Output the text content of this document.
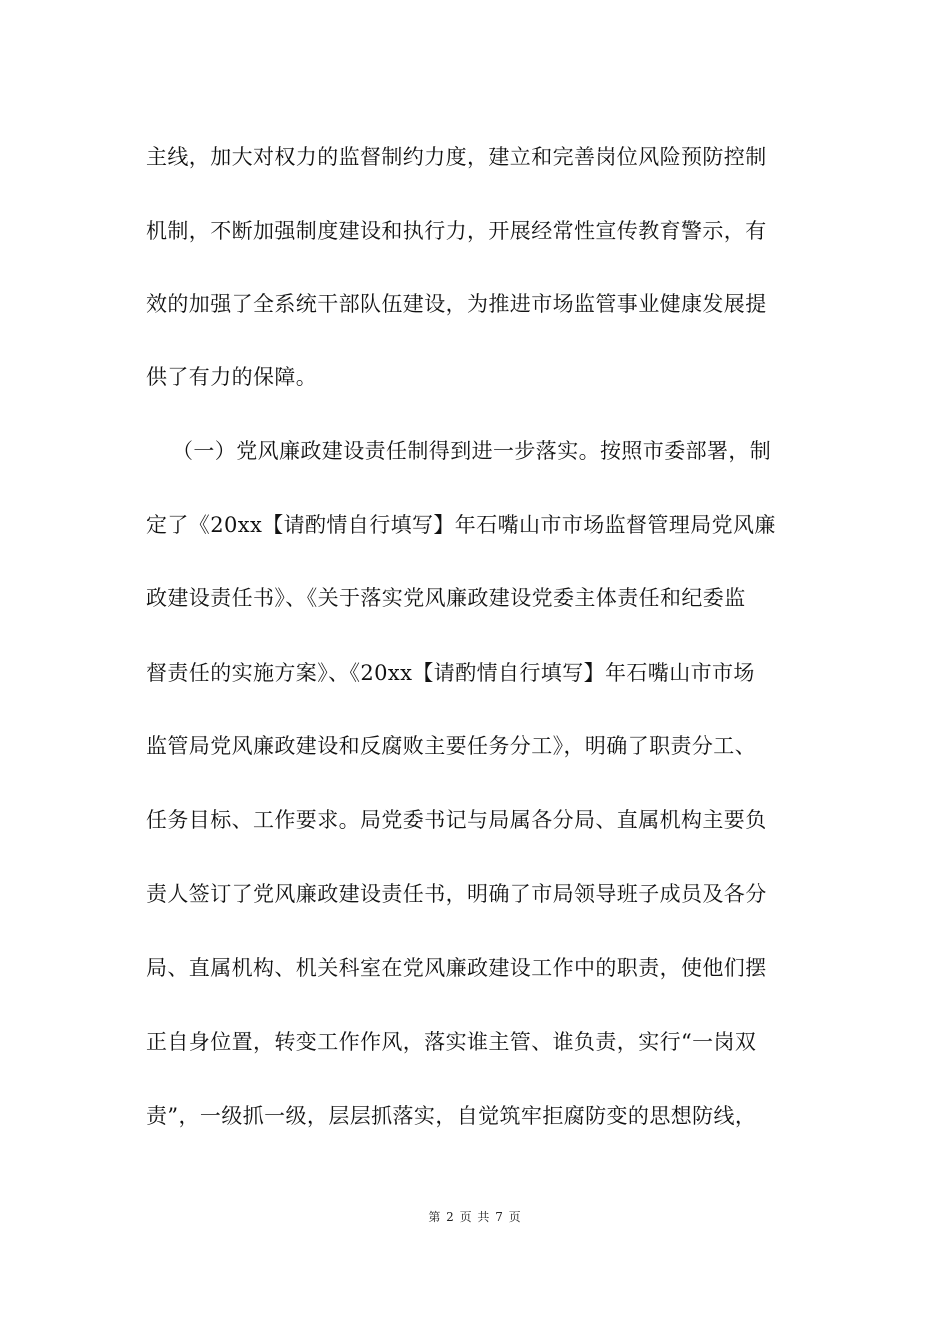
主线，加大对权力的监督制约力度，建立和完善岗位风险预防控制
机制，不断加强制度建设和执行力，开展经常性宣传教育警示，有
效的加强了全系统干部队伍建设，为推进市场监管事业健康发展提
供了有力的保障。
（一）党风廉政建设责任制得到进一步落实。按照市委部署，制
定了《20xx【请酌情自行填写】年石嘴山市市场监督管理局党风廉
政建设责任书》、《关于落实党风廉政建设党委主体责任和纪委监
督责任的实施方案》、《20xx【请酌情自行填写】年石嘴山市市场
监管局党风廉政建设和反腐败主要任务分工》，明确了职责分工、
任务目标、工作要求。局党委书记与局属各分局、直属机构主要负
责人签订了党风廉政建设责任书，明确了市局领导班子成员及各分
局、直属机构、机关科室在党风廉政建设工作中的职责，使他们摆
正自身位置，转变工作作风，落实谁主管、谁负责，实行“一岗双
责”，一级抓一级，层层抓落实，自觉筑牢拒腐防变的思想防线，
第 2 页 共 7 页
